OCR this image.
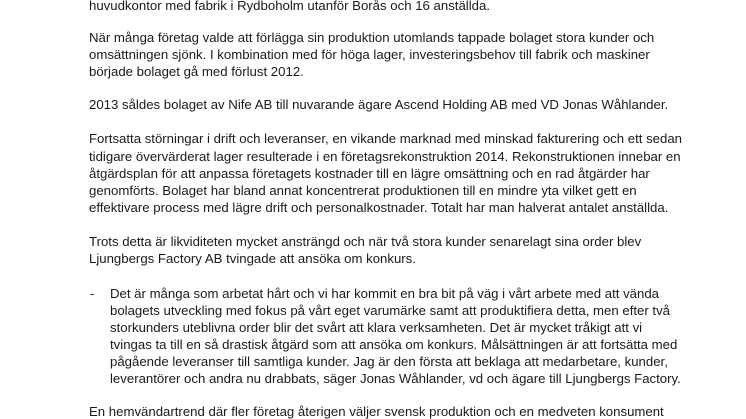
huvudkontor med fabrik i Rydboholm utanför Borås och 16 anställda.
När många företag valde att förlägga sin produktion utomlands tappade bolaget stora kunder och
omsättningen sjönk. I kombination med för höga lager, investeringsbehov till fabrik och maskiner
började bolaget gå med förlust 2012.
2013 såldes bolaget av Nife AB till nuvarande ägare Ascend Holding AB med VD Jonas Wåhlander.
Fortsatta störningar i drift och leveranser, en vikande marknad med minskad fakturering och ett sedan
tidigare övervärderat lager resulterade i en företagsrekonstruktion 2014. Rekonstruktionen innebar en
åtgärdsplan för att anpassa företagets kostnader till en lägre omsättning och en rad åtgärder har
genomförts. Bolaget har bland annat koncentrerat produktionen till en mindre yta vilket gett en
effektivare process med lägre drift och personalkostnader. Totalt har man halverat antalet anställda.
Trots detta är likviditeten mycket ansträngd och när två stora kunder senarelagt sina order blev
Ljungbergs Factory AB tvingade att ansöka om konkurs.
- Det är många som arbetat hårt och vi har kommit en bra bit på väg i vårt arbete med att vända
bolagets utveckling med fokus på vårt eget varumärke samt att produktifiera detta, men efter två
storkunders uteblivna order blir det svårt att klara verksamheten. Det är mycket tråkigt att vi
tvingas ta till en så drastisk åtgärd som att ansöka om konkurs. Målsättningen är att fortsätta med
pågående leveranser till samtliga kunder. Jag är den första att beklaga att medarbetare, kunder,
leverantörer och andra nu drabbats, säger Jonas Wåhlander, vd och ägare till Ljungbergs Factory.
En hemvändartrend där fler företag återigen väljer svensk produktion och en medveten konsument
